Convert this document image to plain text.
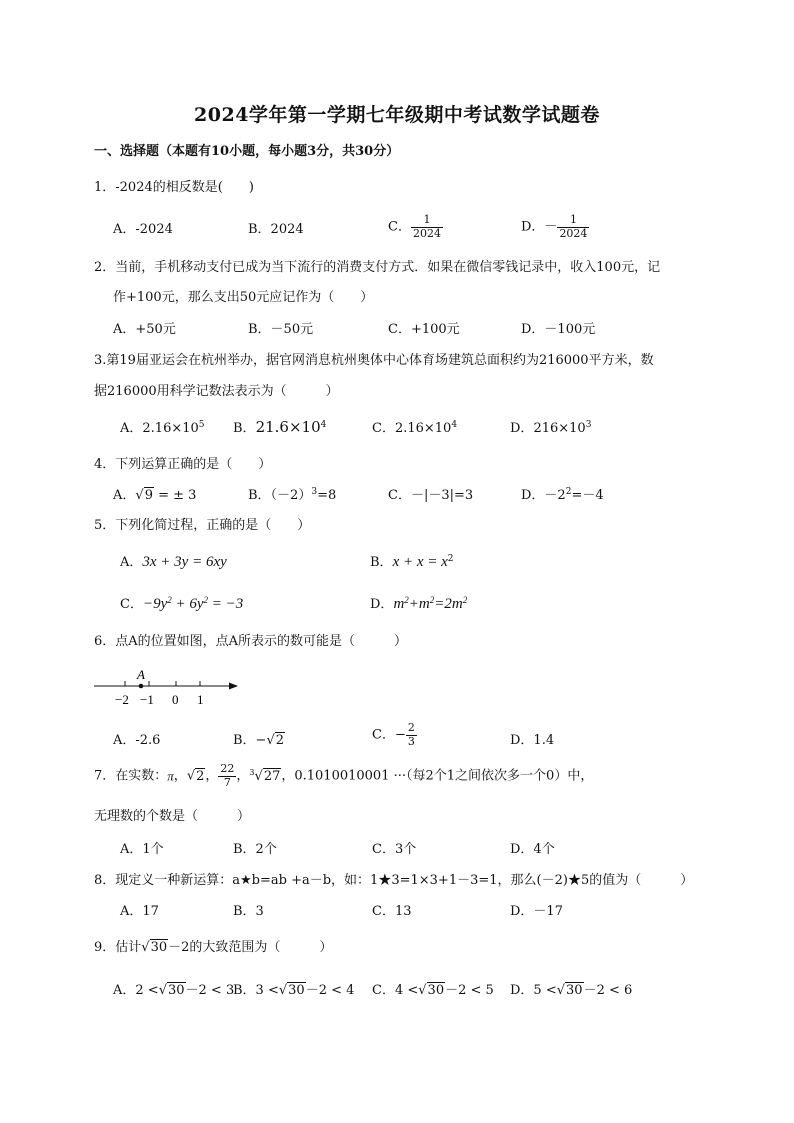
2024学年第一学期七年级期中考试数学试题卷
一、选择题（本题有10小题，每小题3分，共30分）
1．-2024的相反数是(　　)
A．-2024	B．2024	C． $\frac{1}{2024}$	D．－ $\frac{1}{2024}$
2．当前，手机移动支付已成为当下流行的消费支付方式．如果在微信零钱记录中，收入100元，记
作+100元，那么支出50元应记作为（　　）
A．+50元	B．－50元	C．+100元	D．－100元
3.第19届亚运会在杭州举办，据官网消息杭州奥体中心体育场建筑总面积约为216000平方米，数
据216000用科学记数法表示为（　　　）
A．$2.16\times 10^5$ B．$21.6\times 10^4$	C．$2.16\times 10^4$	D．$216\times 10^3$
4．下列运算正确的是（　　）
A．√9 = ± 3	B．$(-2)^3=8$	C．－|－3|=3	D．$-2^2=-4$
5．下列化简过程，正确的是（　　）
A．3x + 3y = 6xy	B．$x + x = x^2$
C．$-9y^2 + 6y^2 = -3$	D．$m^2+m^2=2m^2$
6．点A的位置如图，点A所表示的数可能是（　　　）
A
−2 −1 0 1
A．-2.6	B．−√2	C．− $\frac{2}{3}$	D．1.4
7．在实数：π，√2， $\frac{22}{7}$ ，$^3$√27，0.1010010001 ···（每2个1之间依次多一个0）中，
无理数的个数是（　　　）
A．1个	B．2个	C．3个	D．4个
8．现定义一种新运算：a★b=ab +a－b，如：1★3=1×3+1－3=1，那么(－2)★5的值为（　　　）
A．17	B．3	C．13	D．－17
9．估计√30－2的大致范围为（　　　）
A．2 <√30－2 < 3
B．3 <√30－2 < 4 C．4 <√30－2 < 5 D．5 <√30－2 < 6
